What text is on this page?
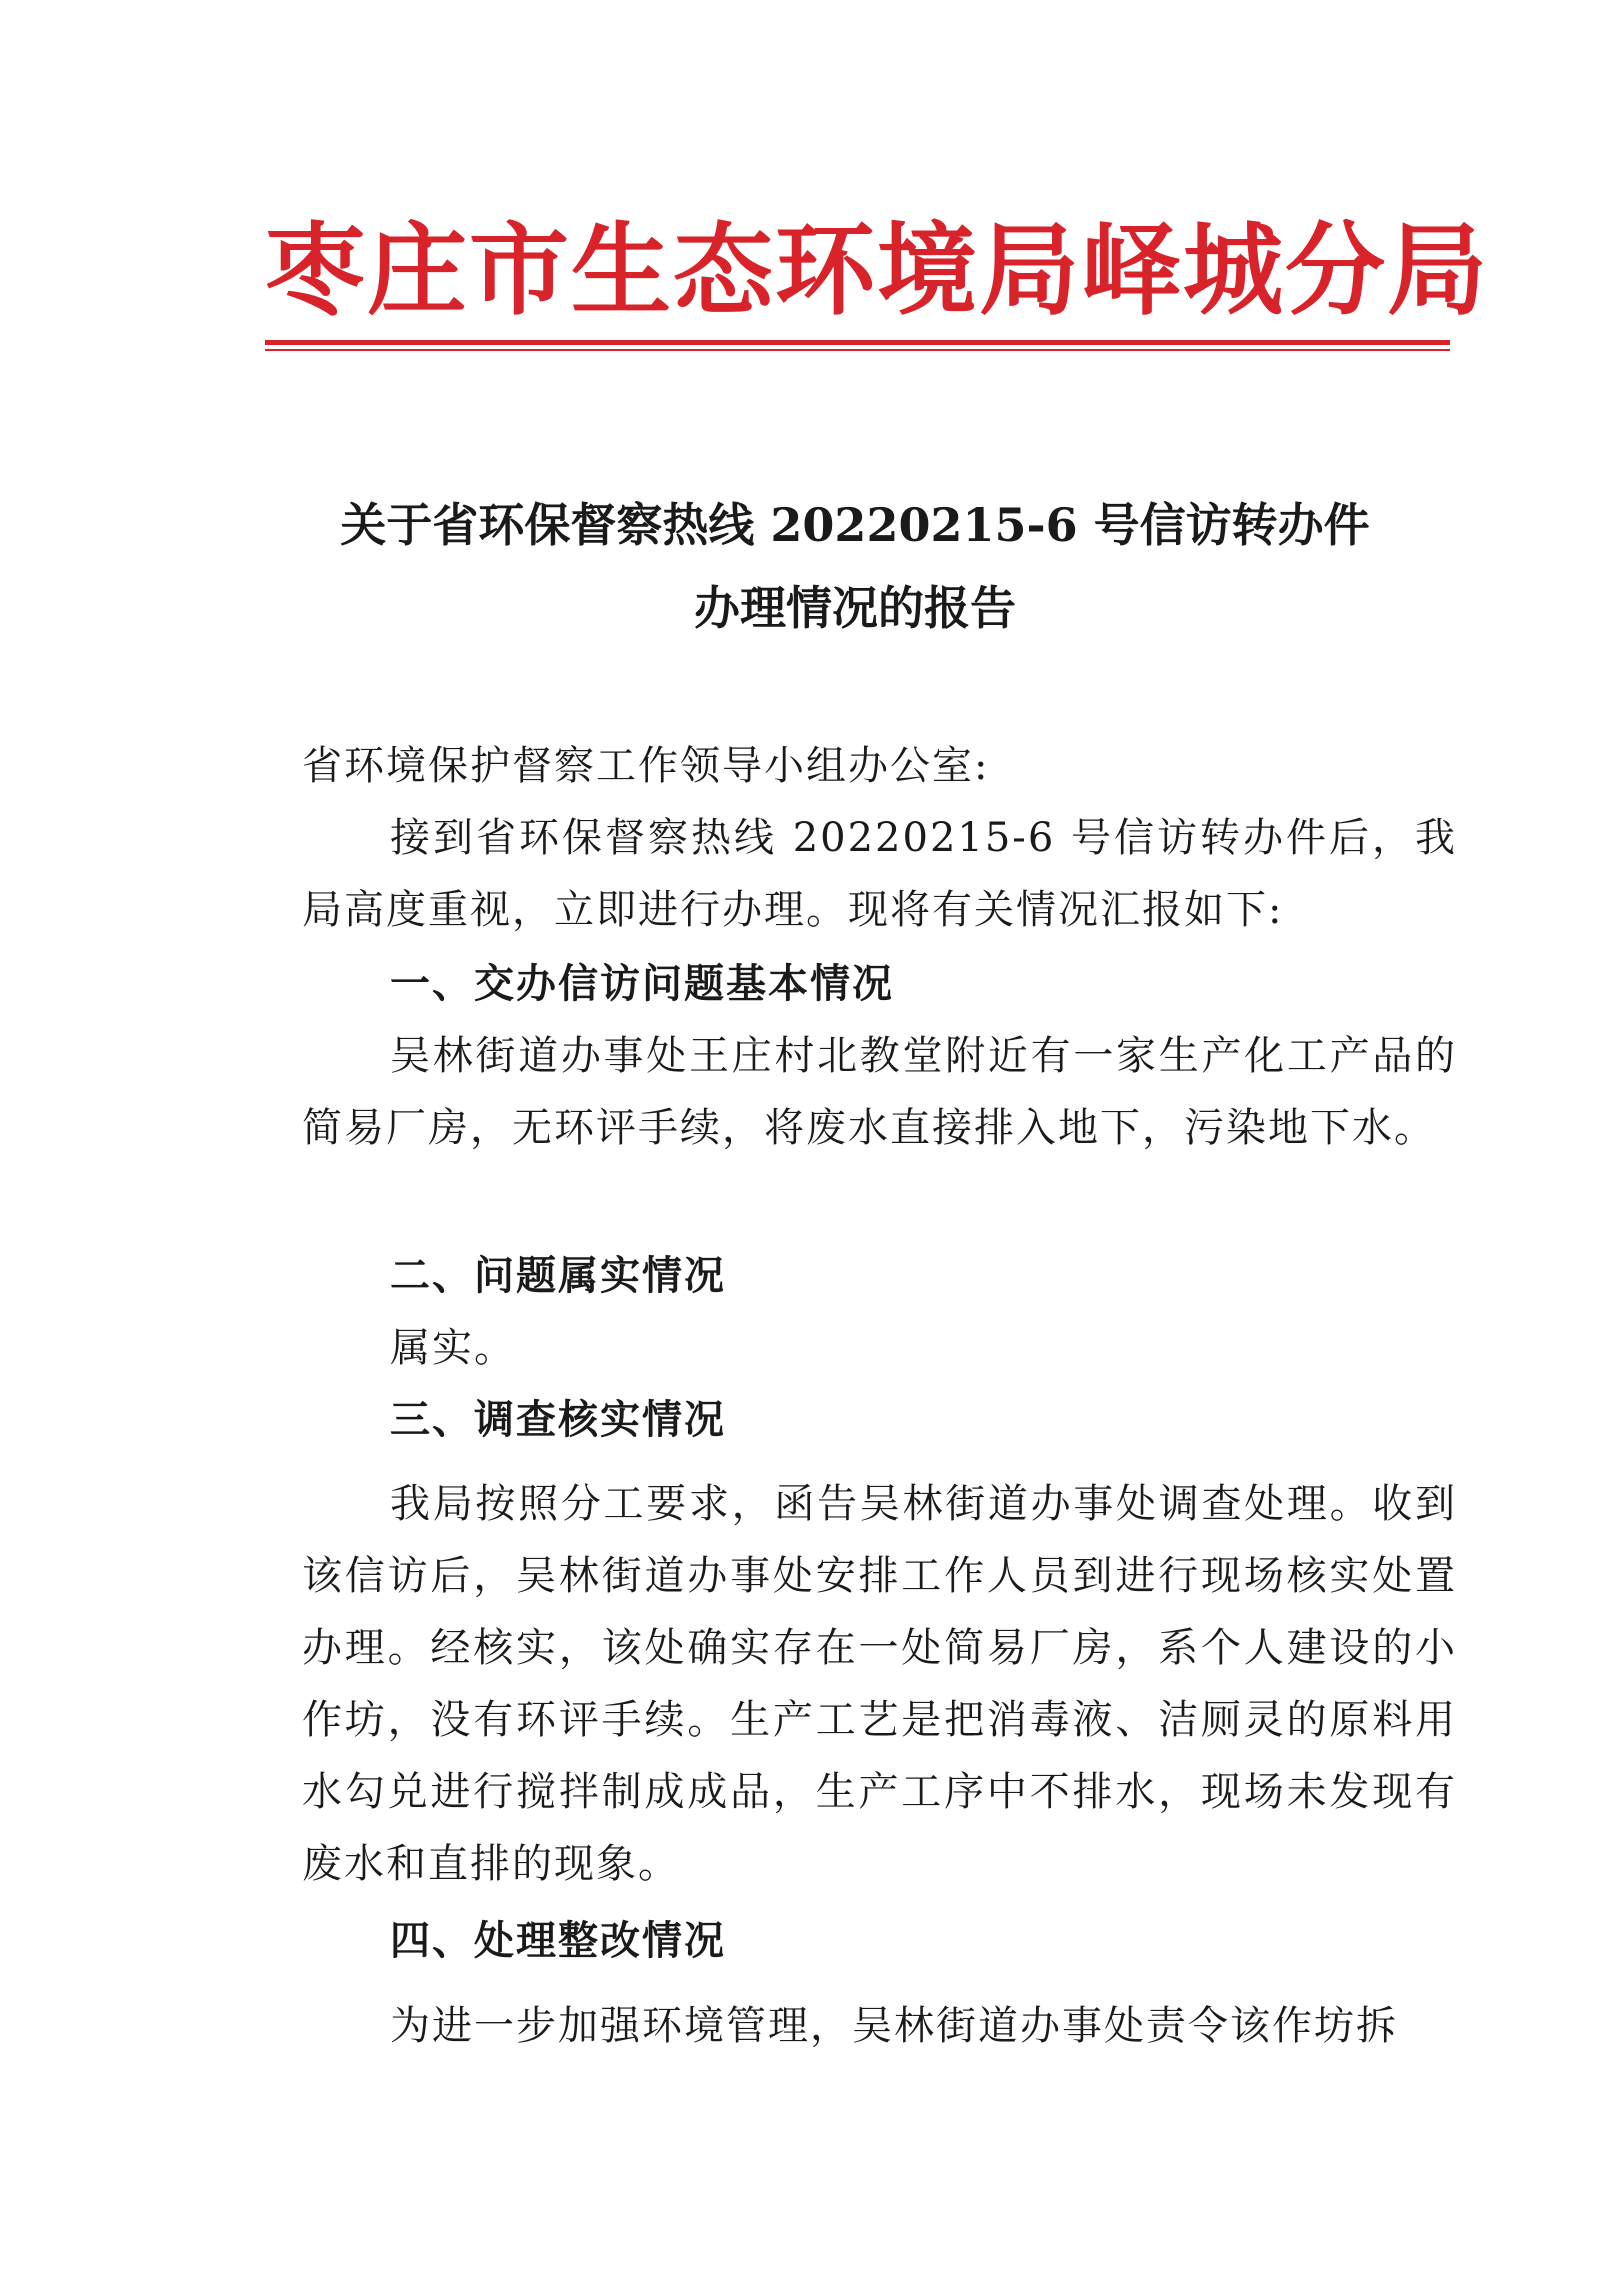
枣庄市生态环境局峄城分局
关于省环保督察热线 20220215-6 号信访转办件
办理情况的报告
省环境保护督察工作领导小组办公室:
接到省环保督察热线 20220215-6 号信访转办件后，我局高度重视，立即进行办理。现将有关情况汇报如下:
一、交办信访问题基本情况
吴林街道办事处王庄村北教堂附近有一家生产化工产品的简易厂房，无环评手续，将废水直接排入地下，污染地下水。
二、问题属实情况
属实。
三、调查核实情况
我局按照分工要求，函告吴林街道办事处调查处理。收到该信访后，吴林街道办事处安排工作人员到进行现场核实处置办理。经核实，该处确实存在一处简易厂房，系个人建设的小作坊，没有环评手续。生产工艺是把消毒液、洁厕灵的原料用水勾兑进行搅拌制成成品，生产工序中不排水，现场未发现有废水和直排的现象。
四、处理整改情况
为进一步加强环境管理，吴林街道办事处责令该作坊拆
